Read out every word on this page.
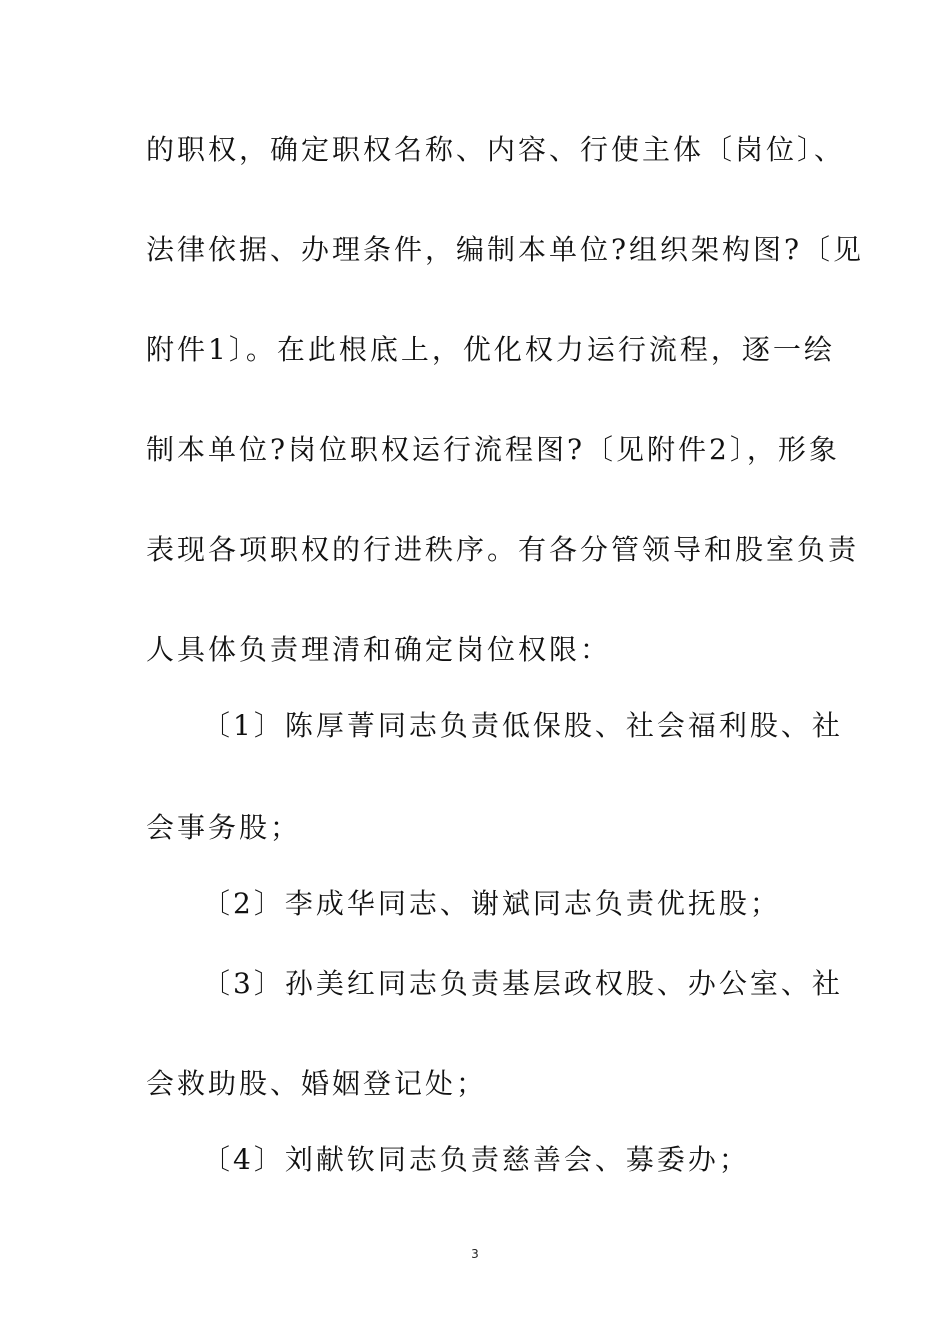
的职权，确定职权名称、内容、行使主体〔岗位〕、
法律依据、办理条件，编制本单位?组织架构图?〔见
附件1〕。在此根底上，优化权力运行流程，逐一绘
制本单位?岗位职权运行流程图?〔见附件2〕，形象
表现各项职权的行进秩序。有各分管领导和股室负责
人具体负责理清和确定岗位权限：
〔1〕陈厚菁同志负责低保股、社会福利股、社
会事务股；
〔2〕李成华同志、谢斌同志负责优抚股；
〔3〕孙美红同志负责基层政权股、办公室、社
会救助股、婚姻登记处；
〔4〕刘献钦同志负责慈善会、募委办；
3
